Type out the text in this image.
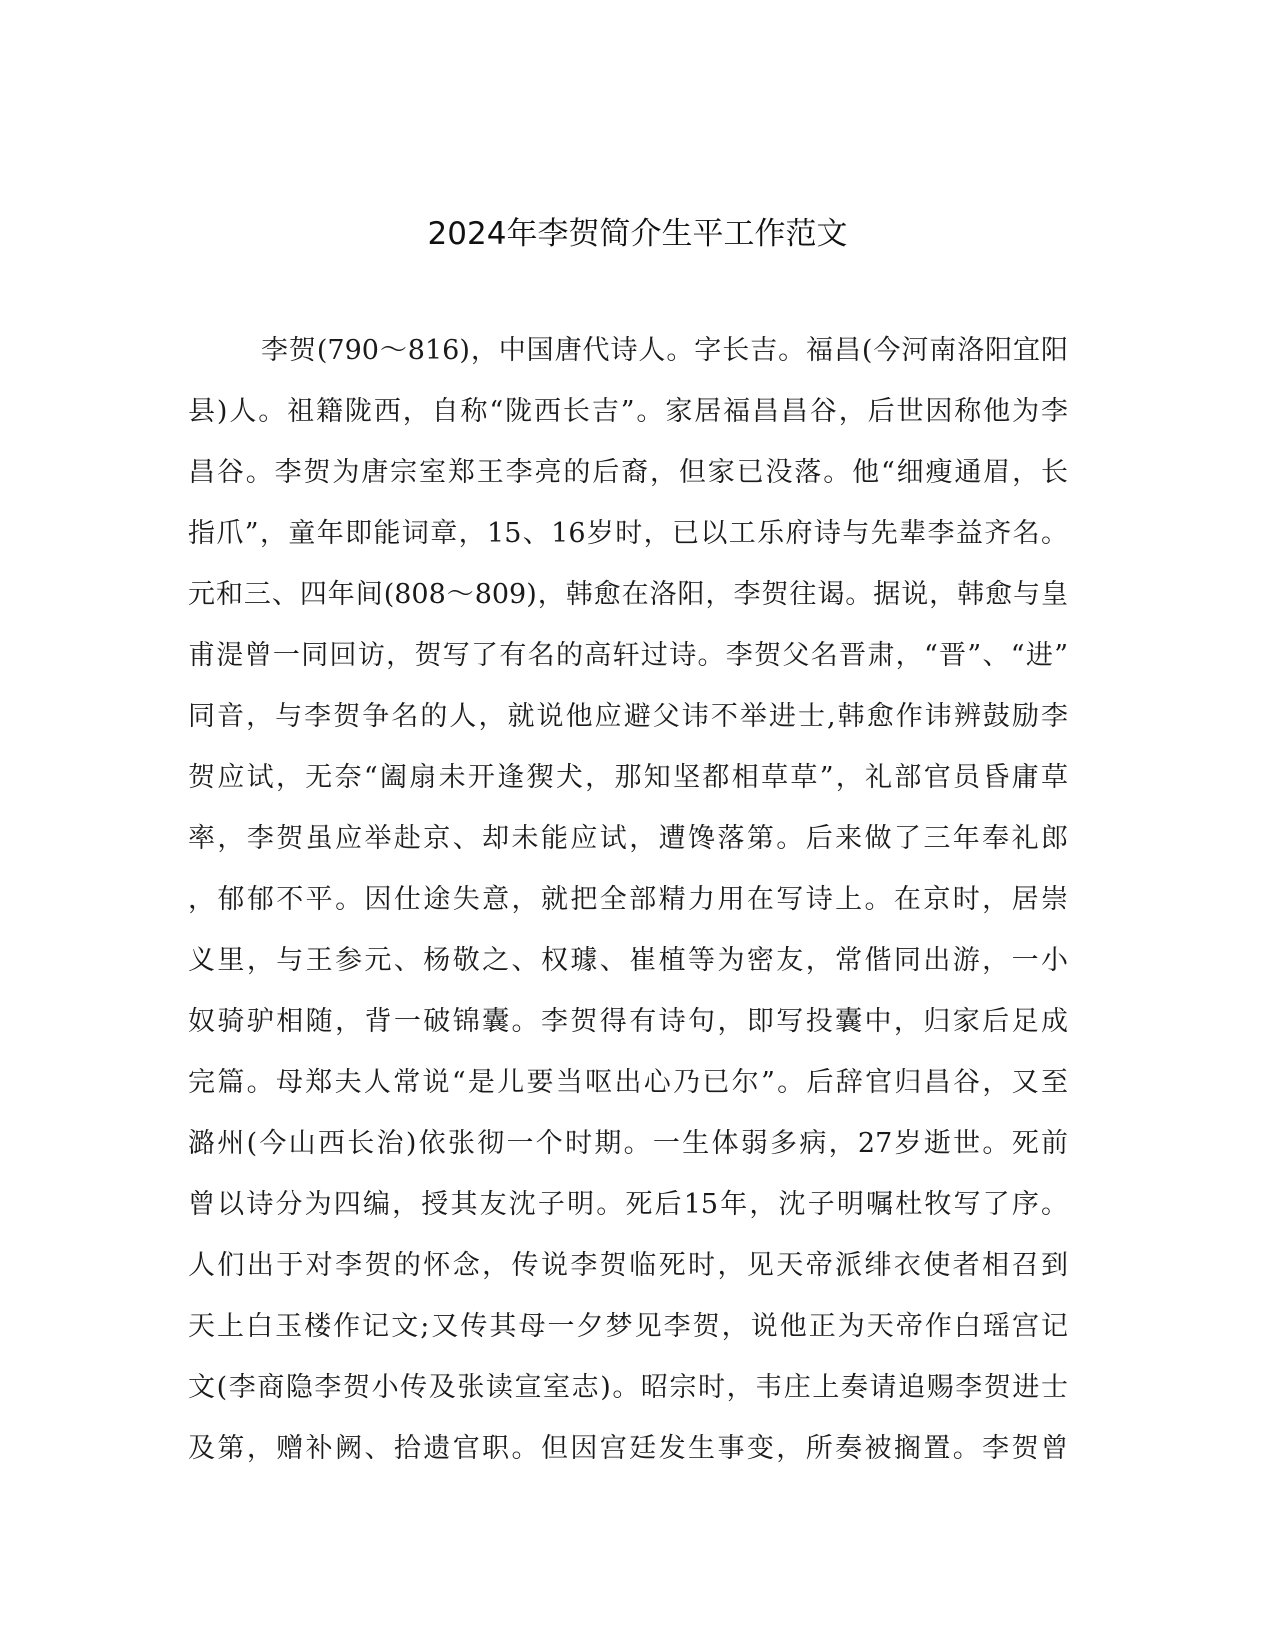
2024年李贺简介生平工作范文
李贺(790～816)，中国唐代诗人。字长吉。福昌(今河南洛阳宜阳
县)人。祖籍陇西，自称“陇西长吉”。家居福昌昌谷，后世因称他为李
昌谷。李贺为唐宗室郑王李亮的后裔，但家已没落。他“细瘦通眉，长
指爪”，童年即能词章，15、16岁时，已以工乐府诗与先辈李益齐名。
元和三、四年间(808～809)，韩愈在洛阳，李贺往谒。据说，韩愈与皇
甫湜曾一同回访，贺写了有名的高轩过诗。李贺父名晋肃，“晋”、“进”
同音，与李贺争名的人，就说他应避父讳不举进士,韩愈作讳辨鼓励李
贺应试，无奈“阖扇未开逢猰犬，那知坚都相草草”，礼部官员昏庸草
率，李贺虽应举赴京、却未能应试，遭馋落第。后来做了三年奉礼郎
，郁郁不平。因仕途失意，就把全部精力用在写诗上。在京时，居崇
义里，与王参元、杨敬之、权璩、崔植等为密友，常偕同出游，一小
奴骑驴相随，背一破锦囊。李贺得有诗句，即写投囊中，归家后足成
完篇。母郑夫人常说“是儿要当呕出心乃已尔”。后辞官归昌谷，又至
潞州(今山西长治)依张彻一个时期。一生体弱多病，27岁逝世。死前
曾以诗分为四编，授其友沈子明。死后15年，沈子明嘱杜牧写了序。
人们出于对李贺的怀念，传说李贺临死时，见天帝派绯衣使者相召到
天上白玉楼作记文;又传其母一夕梦见李贺，说他正为天帝作白瑶宫记
文(李商隐李贺小传及张读宣室志)。昭宗时，韦庄上奏请追赐李贺进士
及第，赠补阙、拾遗官职。但因宫廷发生事变，所奏被搁置。李贺曾
